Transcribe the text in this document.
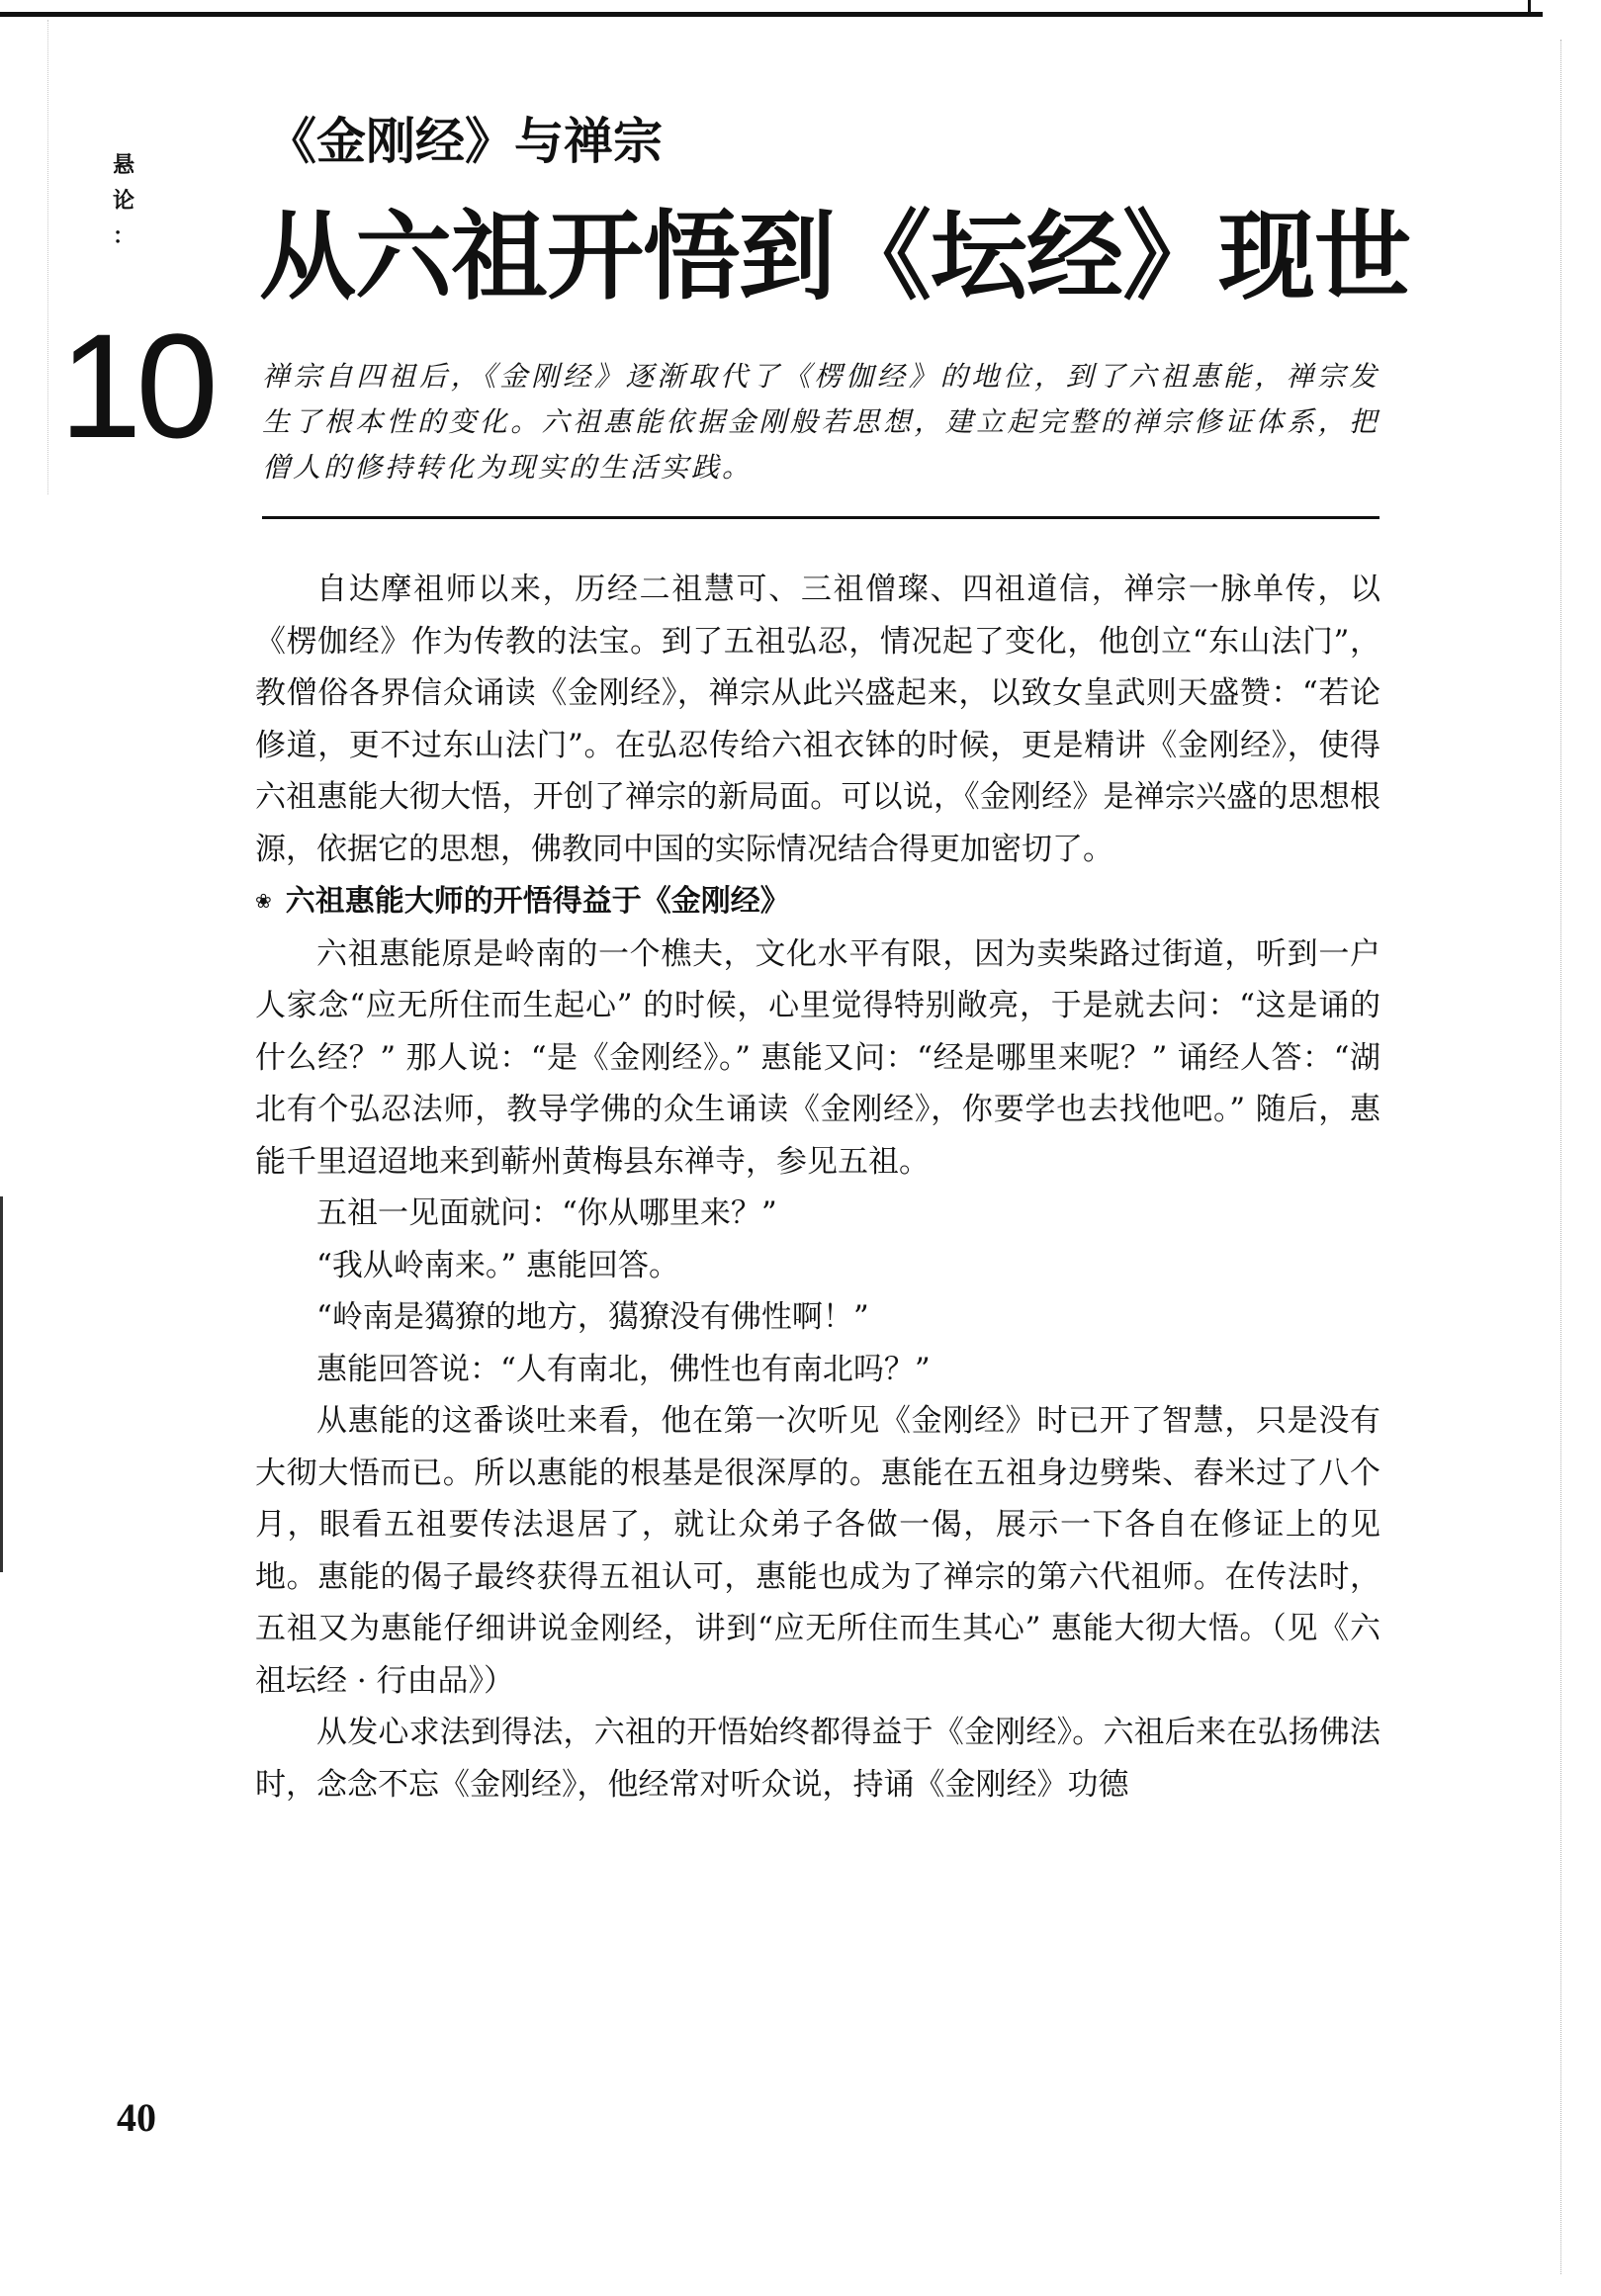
悬
论
：
10
《金刚经》与禅宗
从六祖开悟到《坛经》现世
禅宗自四祖后，《金刚经》逐渐取代了《楞伽经》的地位，到了六祖惠能，禅宗发生了根本性的变化。六祖惠能依据金刚般若思想，建立起完整的禅宗修证体系，把僧人的修持转化为现实的生活实践。

自达摩祖师以来，历经二祖慧可、三祖僧璨、四祖道信，禅宗一脉单传，以《楞伽经》作为传教的法宝。到了五祖弘忍，情况起了变化，他创立“东山法门”，教僧俗各界信众诵读《金刚经》，禅宗从此兴盛起来，以致女皇武则天盛赞：“若论修道，更不过东山法门”。在弘忍传给六祖衣钵的时候，更是精讲《金刚经》，使得六祖惠能大彻大悟，开创了禅宗的新局面。可以说，《金刚经》是禅宗兴盛的思想根源，依据它的思想，佛教同中国的实际情况结合得更加密切了。

❀ 六祖惠能大师的开悟得益于《金刚经》

六祖惠能原是岭南的一个樵夫，文化水平有限，因为卖柴路过街道，听到一户人家念“应无所住而生起心” 的时候，心里觉得特别敞亮，于是就去问：“这是诵的什么经？” 那人说：“是《金刚经》。” 惠能又问：“经是哪里来呢？” 诵经人答：“湖北有个弘忍法师，教导学佛的众生诵读《金刚经》，你要学也去找他吧。” 随后，惠能千里迢迢地来到蕲州黄梅县东禅寺，参见五祖。

五祖一见面就问：“你从哪里来？”

“我从岭南来。” 惠能回答。

“岭南是獦獠的地方，獦獠没有佛性啊！”

惠能回答说：“人有南北，佛性也有南北吗？”

从惠能的这番谈吐来看，他在第一次听见《金刚经》时已开了智慧，只是没有大彻大悟而已。所以惠能的根基是很深厚的。惠能在五祖身边劈柴、舂米过了八个月，眼看五祖要传法退居了，就让众弟子各做一偈，展示一下各自在修证上的见地。惠能的偈子最终获得五祖认可，惠能也成为了禅宗的第六代祖师。在传法时，五祖又为惠能仔细讲说金刚经，讲到“应无所住而生其心” 惠能大彻大悟。（见《六祖坛经 · 行由品》）

从发心求法到得法，六祖的开悟始终都得益于《金刚经》。六祖后来在弘扬佛法时，念念不忘《金刚经》，他经常对听众说，持诵《金刚经》功德

40
